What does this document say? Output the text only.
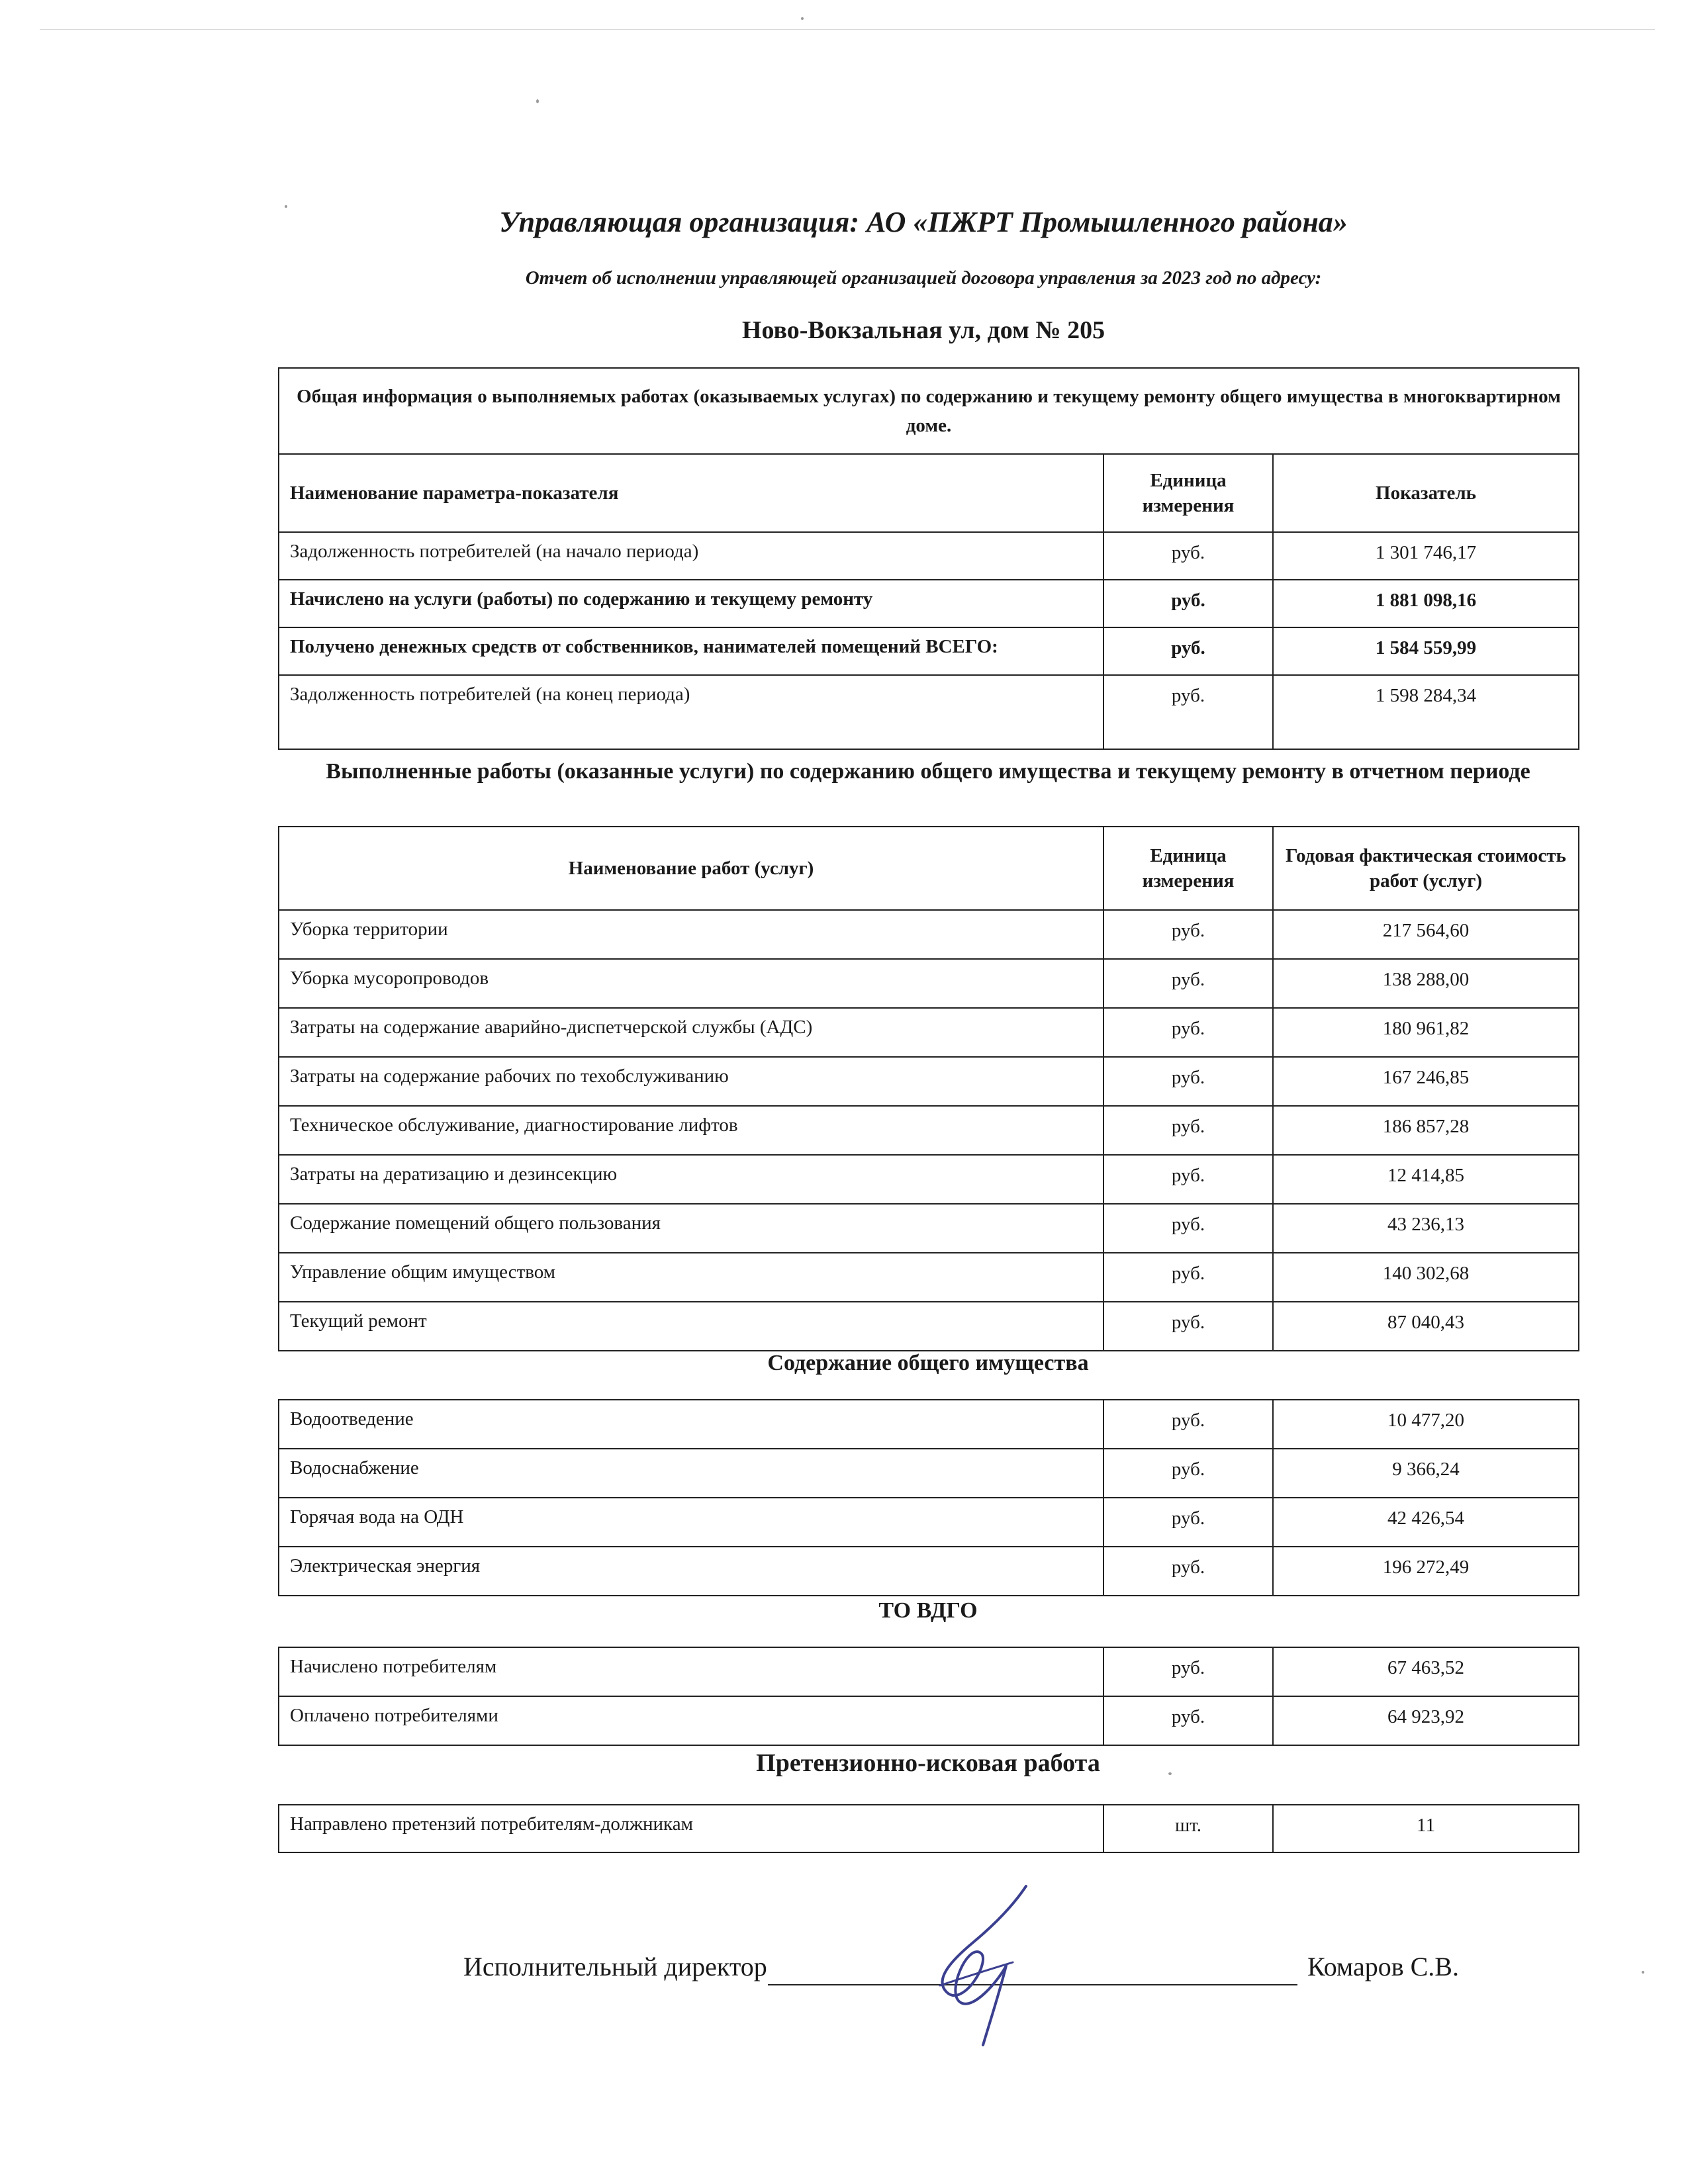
Управляющая организация: АО «ПЖРТ Промышленного района»
Отчет об исполнении управляющей организацией договора управления за 2023 год по адресу:
Ново-Вокзальная ул, дом № 205
Общая информация о выполняемых работах (оказываемых услугах) по содержанию и текущему ремонту общего имущества в многоквартирном доме.		
Наименование параметра-показателя	Единица измерения	Показатель
Задолженность потребителей (на начало периода)	руб.	1 301 746,17
Начислено на услуги (работы) по содержанию и текущему ремонту	руб.	1 881 098,16
Получено денежных средств от собственников, нанимателей помещений ВСЕГО:	руб.	1 584 559,99
Задолженность потребителей (на конец периода)	руб.	1 598 284,34
Выполненные работы (оказанные услуги) по содержанию общего имущества и текущему ремонту в отчетном периоде
Наименование работ (услуг)	Единица измерения	Годовая фактическая стоимость работ (услуг)
Уборка территории	руб.	217 564,60
Уборка мусоропроводов	руб.	138 288,00
Затраты на содержание аварийно-диспетчерской службы (АДС)	руб.	180 961,82
Затраты на содержание рабочих по техобслуживанию	руб.	167 246,85
Техническое обслуживание, диагностирование лифтов	руб.	186 857,28
Затраты на дератизацию и дезинсекцию	руб.	12 414,85
Содержание помещений общего пользования	руб.	43 236,13
Управление общим имуществом	руб.	140 302,68
Текущий ремонт	руб.	87 040,43
Содержание общего имущества
Водоотведение	руб.	10 477,20
Водоснабжение	руб.	9 366,24
Горячая вода на ОДН	руб.	42 426,54
Электрическая энергия	руб.	196 272,49
ТО ВДГО
Начислено потребителям	руб.	67 463,52
Оплачено потребителями	руб.	64 923,92
Претензионно-исковая работа
Направлено претензий потребителям-должникам	шт.	11
Исполнительный директор	Комаров С.В.
